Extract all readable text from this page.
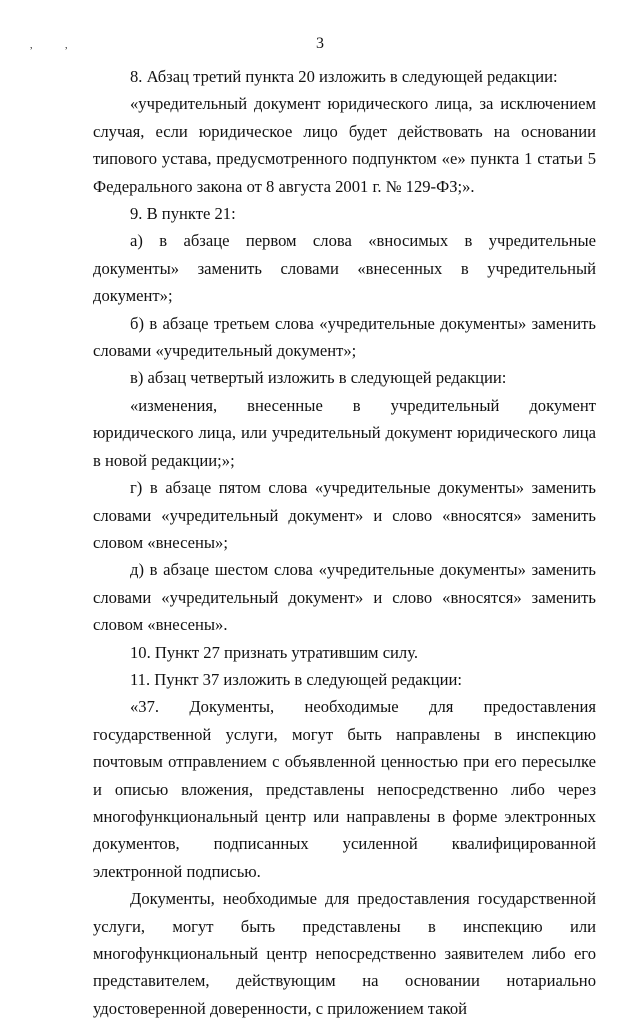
,	,	3

8. Абзац третий пункта 20 изложить в следующей редакции:

«учредительный документ юридического лица, за исключением случая, если юридическое лицо будет действовать на основании типового устава, предусмотренного подпунктом «е» пункта 1 статьи 5 Федерального закона от 8 августа 2001 г. № 129-ФЗ;».

9. В пункте 21:

а) в абзаце первом слова «вносимых в учредительные документы» заменить словами «внесенных в учредительный документ»;

б) в абзаце третьем слова «учредительные документы» заменить словами «учредительный документ»;

в) абзац четвертый изложить в следующей редакции:

«изменения, внесенные в учредительный документ юридического лица, или учредительный документ юридического лица в новой редакции;»;

г) в абзаце пятом слова «учредительные документы» заменить словами «учредительный документ» и слово «вносятся» заменить словом «внесены»;

д) в абзаце шестом слова «учредительные документы» заменить словами «учредительный документ» и слово «вносятся» заменить словом «внесены».

10. Пункт 27 признать утратившим силу.

11. Пункт 37 изложить в следующей редакции:

«37. Документы, необходимые для предоставления государственной услуги, могут быть направлены в инспекцию почтовым отправлением с объявленной ценностью при его пересылке и описью вложения, представлены непосредственно либо через многофункциональный центр или направлены в форме электронных документов, подписанных усиленной квалифицированной электронной подписью.

Документы, необходимые для предоставления государственной услуги, могут быть представлены в инспекцию или многофункциональный центр непосредственно заявителем либо его представителем, действующим на основании нотариально удостоверенной доверенности, с приложением такой
